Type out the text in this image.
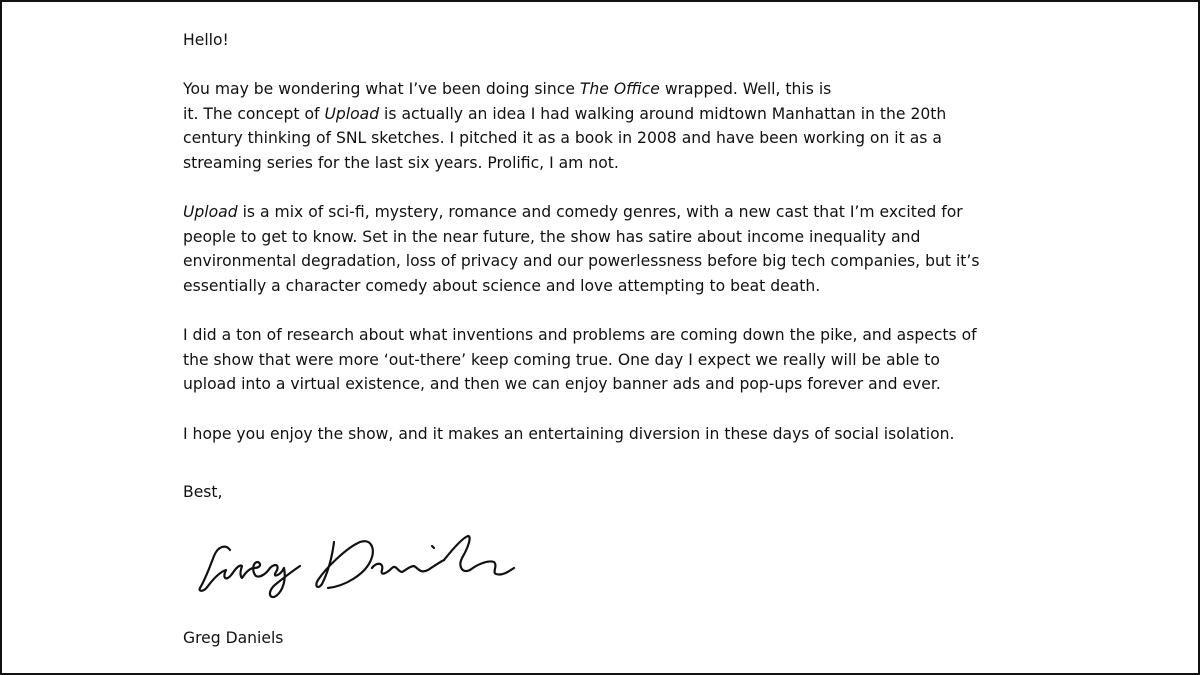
Hello!

You may be wondering what I’ve been doing since The Office wrapped. Well, this is
it. The concept of Upload is actually an idea I had walking around midtown Manhattan in the 20th
century thinking of SNL sketches. I pitched it as a book in 2008 and have been working on it as a
streaming series for the last six years. Prolific, I am not.

Upload is a mix of sci-fi, mystery, romance and comedy genres, with a new cast that I’m excited for
people to get to know. Set in the near future, the show has satire about income inequality and
environmental degradation, loss of privacy and our powerlessness before big tech companies, but it’s
essentially a character comedy about science and love attempting to beat death.

I did a ton of research about what inventions and problems are coming down the pike, and aspects of
the show that were more ‘out-there’ keep coming true. One day I expect we really will be able to
upload into a virtual existence, and then we can enjoy banner ads and pop-ups forever and ever.

I hope you enjoy the show, and it makes an entertaining diversion in these days of social isolation.

Best,

Greg Daniels
